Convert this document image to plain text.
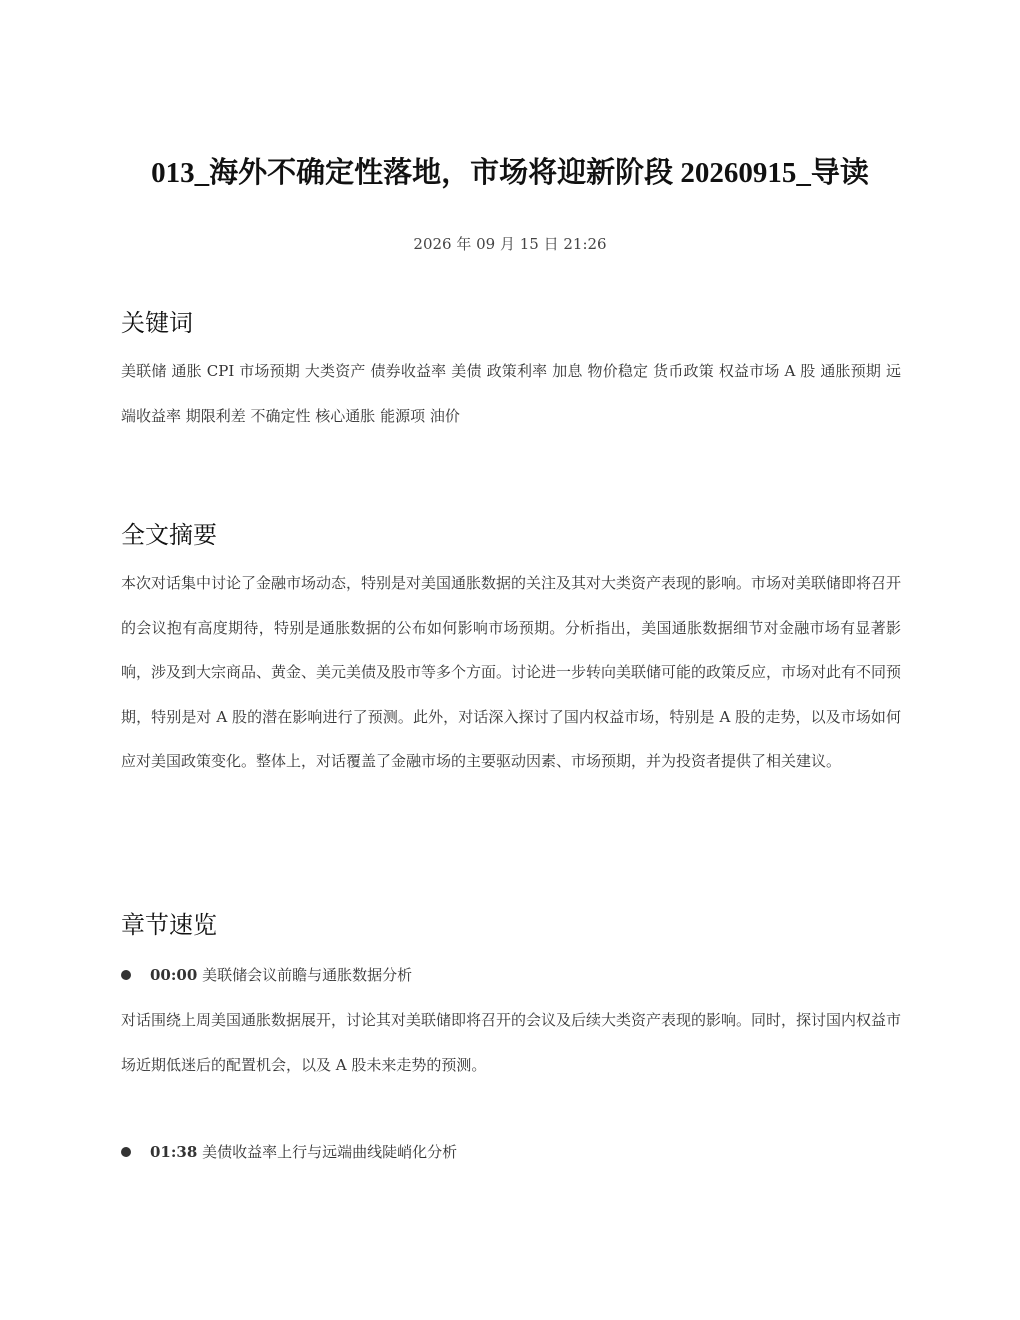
013_海外不确定性落地，市场将迎新阶段 20260915_导读
2026 年 09 月 15 日 21:26
关键词

美联储 通胀 CPI 市场预期 大类资产 债券收益率 美债 政策利率 加息 物价稳定 货币政策 权益市场 A 股 通胀预期 远端收益率 期限利差 不确定性 核心通胀 能源项 油价

全文摘要

本次对话集中讨论了金融市场动态，特别是对美国通胀数据的关注及其对大类资产表现的影响。市场对美联储即将召开的会议抱有高度期待，特别是通胀数据的公布如何影响市场预期。分析指出，美国通胀数据细节对金融市场有显著影响，涉及到大宗商品、黄金、美元美债及股市等多个方面。讨论进一步转向美联储可能的政策反应，市场对此有不同预期，特别是对 A 股的潜在影响进行了预测。此外，对话深入探讨了国内权益市场，特别是 A 股的走势，以及市场如何应对美国政策变化。整体上，对话覆盖了金融市场的主要驱动因素、市场预期，并为投资者提供了相关建议。

章节速览
00:00 美联储会议前瞻与通胀数据分析

对话围绕上周美国通胀数据展开，讨论其对美联储即将召开的会议及后续大类资产表现的影响。同时，探讨国内权益市场近期低迷后的配置机会，以及 A 股未来走势的预测。

01:38 美债收益率上行与远端曲线陡峭化分析
